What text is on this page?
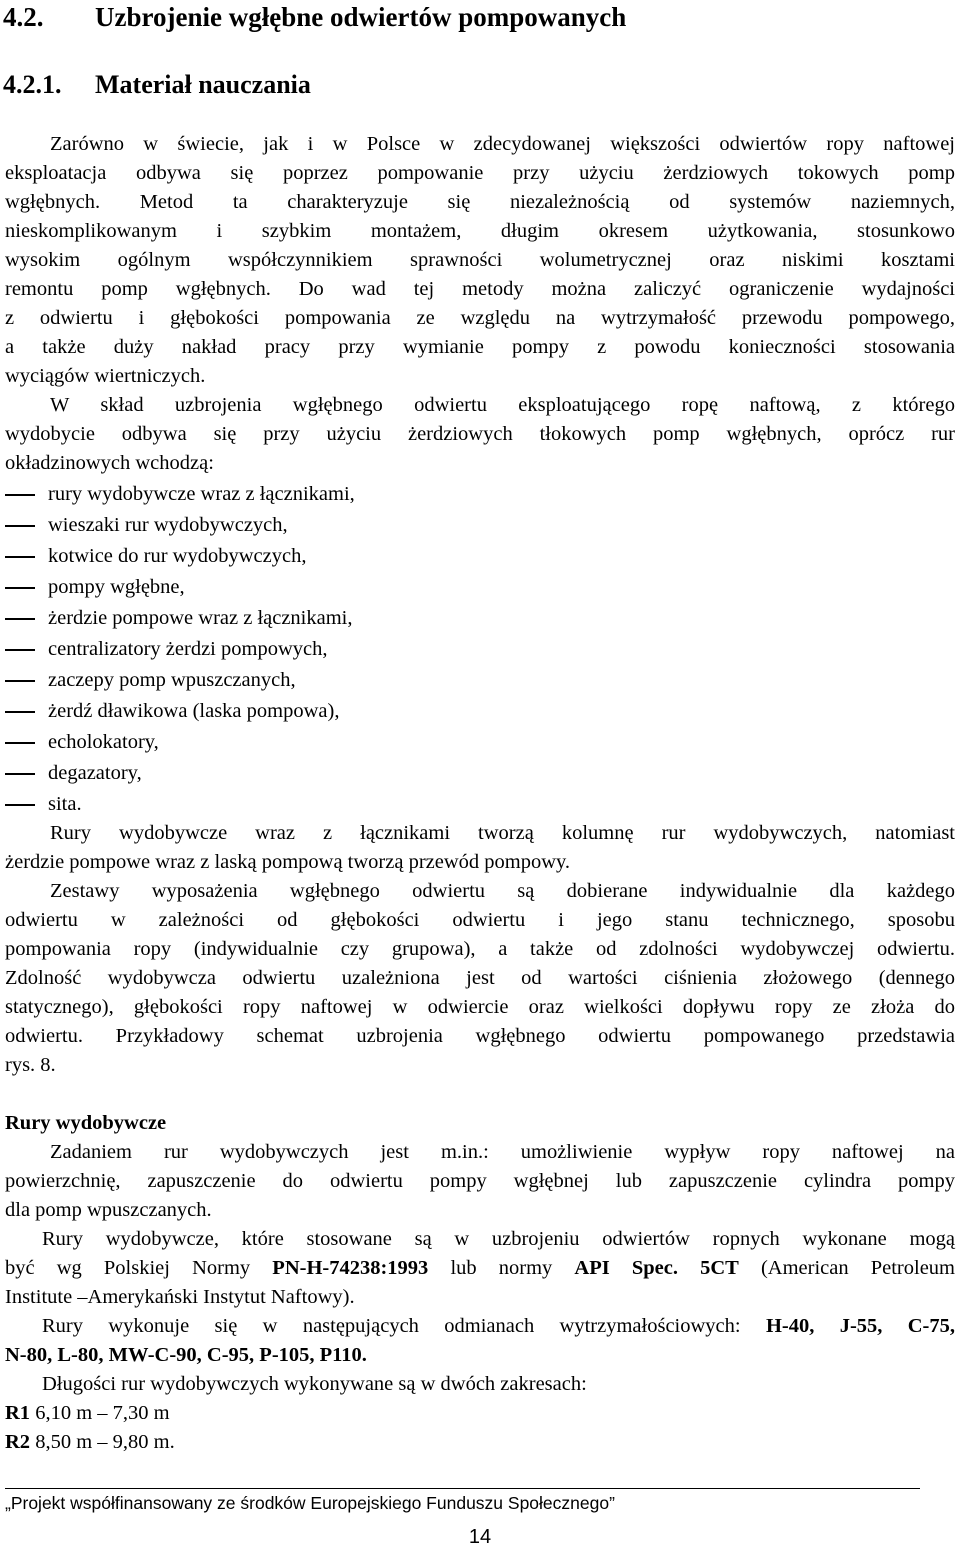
4.2. Uzbrojenie wgłębne odwiertów pompowanych
4.2.1. Materiał nauczania
Zarówno w świecie, jak i w Polsce w zdecydowanej większości odwiertów ropy naftowej
eksploatacja odbywa się poprzez pompowanie przy użyciu żerdziowych tokowych pomp
wgłębnych. Metod ta charakteryzuje się niezależnością od systemów naziemnych,
nieskomplikowanym i szybkim montażem, długim okresem użytkowania, stosunkowo
wysokim ogólnym współczynnikiem sprawności wolumetrycznej oraz niskimi kosztami
remontu pomp wgłębnych. Do wad tej metody można zaliczyć ograniczenie wydajności
z odwiertu i głębokości pompowania ze względu na wytrzymałość przewodu pompowego,
a także duży nakład pracy przy wymianie pompy z powodu konieczności stosowania
wyciągów wiertniczych.
W skład uzbrojenia wgłębnego odwiertu eksploatującego ropę naftową, z którego
wydobycie odbywa się przy użyciu żerdziowych tłokowych pomp wgłębnych, oprócz rur
okładzinowych wchodzą:
rury wydobywcze wraz z łącznikami,
wieszaki rur wydobywczych,
kotwice do rur wydobywczych,
pompy wgłębne,
żerdzie pompowe wraz z łącznikami,
centralizatory żerdzi pompowych,
zaczepy pomp wpuszczanych,
żerdź dławikowa (laska pompowa),
echolokatory,
degazatory,
sita.
Rury wydobywcze wraz z łącznikami tworzą kolumnę rur wydobywczych, natomiast
żerdzie pompowe wraz z laską pompową tworzą przewód pompowy.
Zestawy wyposażenia wgłębnego odwiertu są dobierane indywidualnie dla każdego
odwiertu w zależności od głębokości odwiertu i jego stanu technicznego, sposobu
pompowania ropy (indywidualnie czy grupowa), a także od zdolności wydobywczej odwiertu.
Zdolność wydobywcza odwiertu uzależniona jest od wartości ciśnienia złożowego (dennego
statycznego), głębokości ropy naftowej w odwiercie oraz wielkości dopływu ropy ze złoża do
odwiertu. Przykładowy schemat uzbrojenia wgłębnego odwiertu pompowanego przedstawia
rys. 8.
Rury wydobywcze
Zadaniem rur wydobywczych jest m.in.: umożliwienie wypływ ropy naftowej na
powierzchnię, zapuszczenie do odwiertu pompy wgłębnej lub zapuszczenie cylindra pompy
dla pomp wpuszczanych.
Rury wydobywcze, które stosowane są w uzbrojeniu odwiertów ropnych wykonane mogą
być wg Polskiej Normy PN-H-74238:1993 lub normy API Spec. 5CT (American Petroleum
Institute –Amerykański Instytut Naftowy).
Rury wykonuje się w następujących odmianach wytrzymałościowych: H-40, J-55, C-75,
N-80, L-80, MW-C-90, C-95, P-105, P110.
Długości rur wydobywczych wykonywane są w dwóch zakresach:
R1 6,10 m – 7,30 m
R2 8,50 m – 9,80 m.
„Projekt współfinansowany ze środków Europejskiego Funduszu Społecznego”
14
